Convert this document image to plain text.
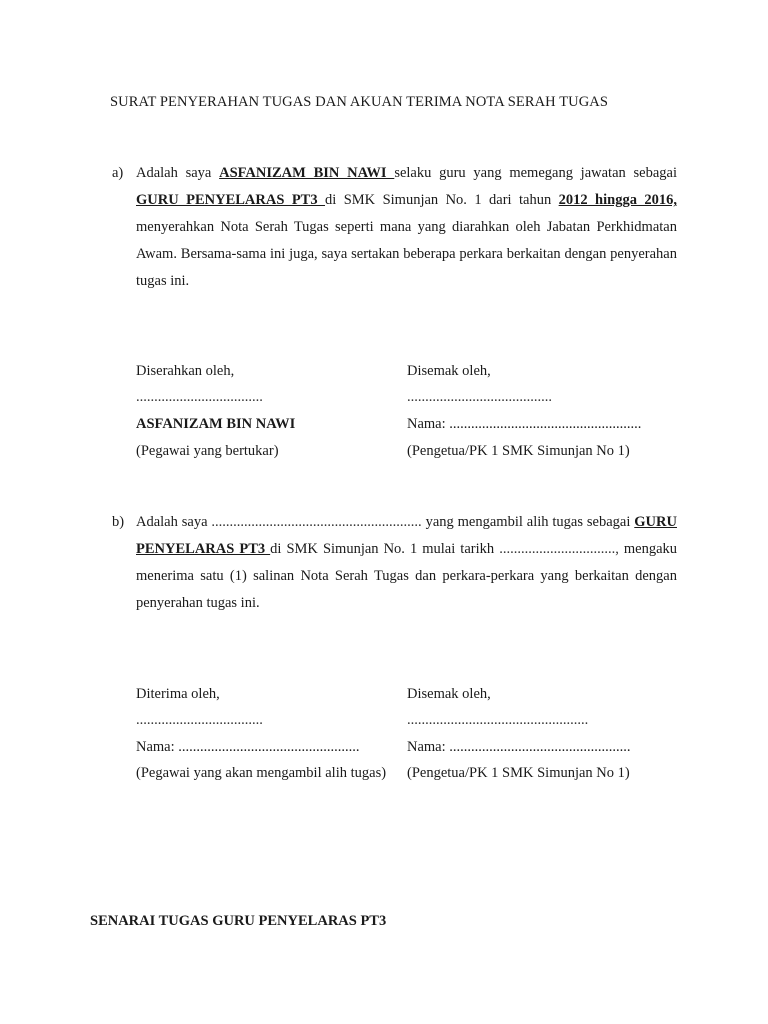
SURAT PENYERAHAN TUGAS DAN AKUAN TERIMA NOTA SERAH TUGAS
a) Adalah saya ASFANIZAM BIN NAWI selaku guru yang memegang jawatan sebagai GURU PENYELARAS PT3 di SMK Simunjan No. 1 dari tahun 2012 hingga 2016, menyerahkan Nota Serah Tugas seperti mana yang diarahkan oleh Jabatan Perkhidmatan Awam. Bersama-sama ini juga, saya sertakan beberapa perkara berkaitan dengan penyerahan tugas ini.
Diserahkan oleh,
...................................
ASFANIZAM BIN NAWI
(Pegawai yang bertukar)
Disemak oleh,
........................................
Nama: .....................................................
(Pengetua/PK 1 SMK Simunjan No 1)
b) Adalah saya .......................................................... yang mengambil alih tugas sebagai GURU PENYELARAS PT3 di SMK Simunjan No. 1 mulai tarikh ................................, mengaku menerima satu (1) salinan Nota Serah Tugas dan perkara-perkara yang berkaitan dengan penyerahan tugas ini.
Diterima oleh,
...................................
Nama: ..................................................
(Pegawai yang akan mengambil alih tugas)
Disemak oleh,
..................................................
Nama: ..................................................
(Pengetua/PK 1 SMK Simunjan No 1)
SENARAI TUGAS GURU PENYELARAS PT3
